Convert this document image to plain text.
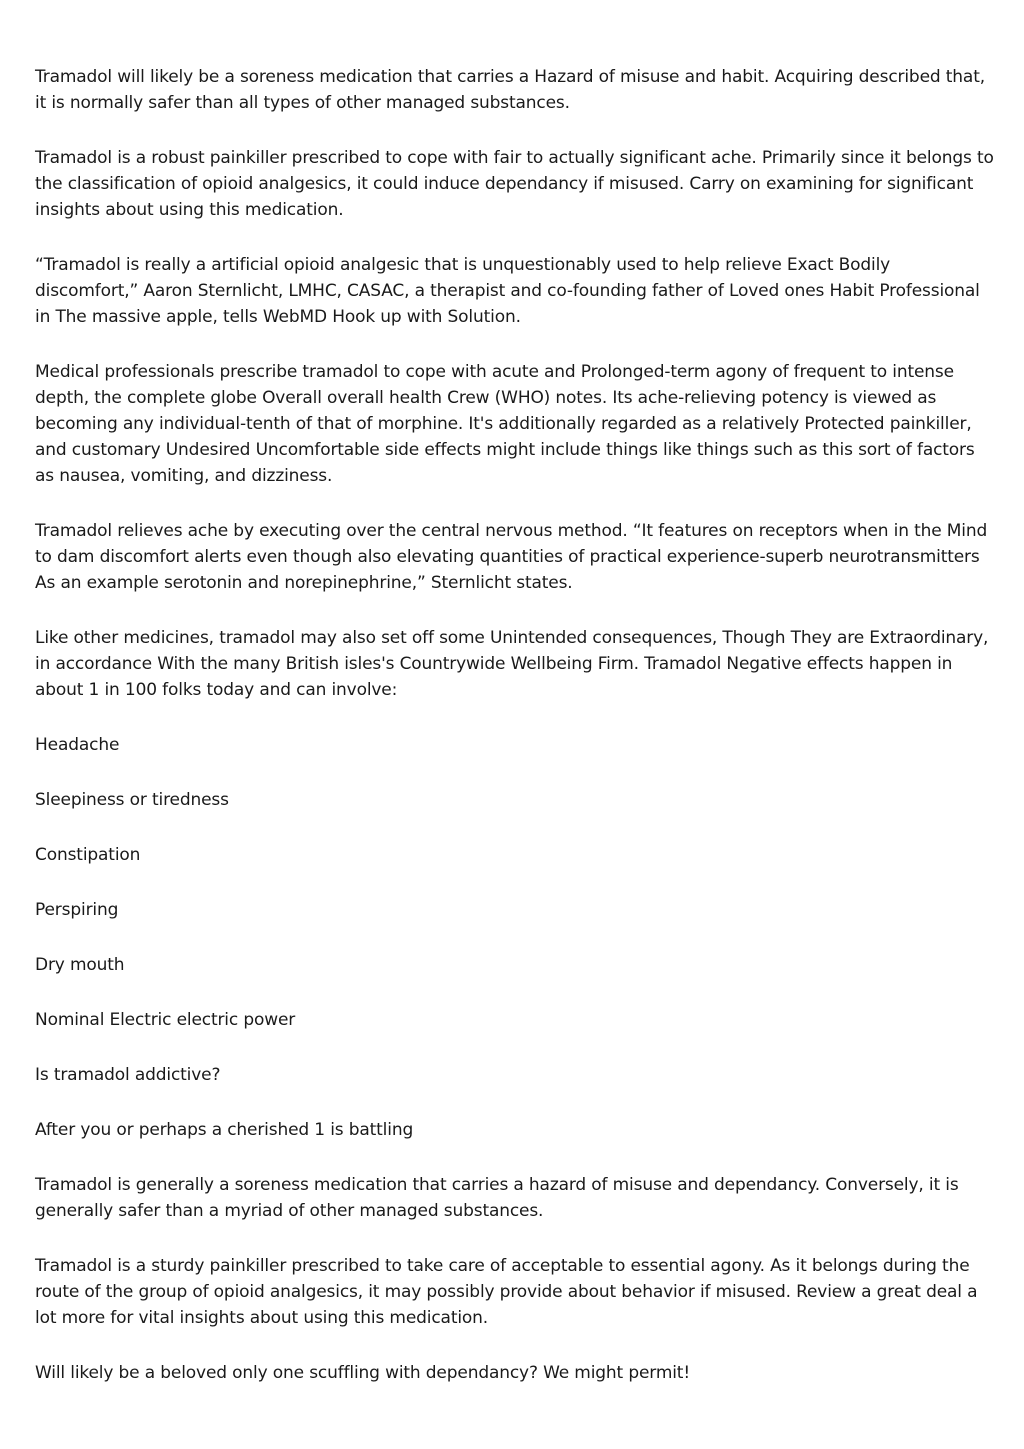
Tramadol will likely be a soreness medication that carries a Hazard of misuse and habit. Acquiring described that, it is normally safer than all types of other managed substances.

Tramadol is a robust painkiller prescribed to cope with fair to actually significant ache. Primarily since it belongs to the classification of opioid analgesics, it could induce dependancy if misused. Carry on examining for significant insights about using this medication.

“Tramadol is really a artificial opioid analgesic that is unquestionably used to help relieve Exact Bodily discomfort,” Aaron Sternlicht, LMHC, CASAC, a therapist and co-founding father of Loved ones Habit Professional in The massive apple, tells WebMD Hook up with Solution.

Medical professionals prescribe tramadol to cope with acute and Prolonged-term agony of frequent to intense depth, the complete globe Overall overall health Crew (WHO) notes. Its ache-relieving potency is viewed as becoming any individual-tenth of that of morphine. It's additionally regarded as a relatively Protected painkiller, and customary Undesired Uncomfortable side effects might include things like things such as this sort of factors as nausea, vomiting, and dizziness.

Tramadol relieves ache by executing over the central nervous method. “It features on receptors when in the Mind to dam discomfort alerts even though also elevating quantities of practical experience-superb neurotransmitters As an example serotonin and norepinephrine,” Sternlicht states.

Like other medicines, tramadol may also set off some Unintended consequences, Though They are Extraordinary, in accordance With the many British isles's Countrywide Wellbeing Firm. Tramadol Negative effects happen in about 1 in 100 folks today and can involve:

Headache

Sleepiness or tiredness

Constipation

Perspiring

Dry mouth

Nominal Electric electric power

Is tramadol addictive?

After you or perhaps a cherished 1 is battling

Tramadol is generally a soreness medication that carries a hazard of misuse and dependancy. Conversely, it is generally safer than a myriad of other managed substances.

Tramadol is a sturdy painkiller prescribed to take care of acceptable to essential agony. As it belongs during the route of the group of opioid analgesics, it may possibly provide about behavior if misused. Review a great deal a lot more for vital insights about using this medication.

Will likely be a beloved only one scuffling with dependancy? We might permit!
